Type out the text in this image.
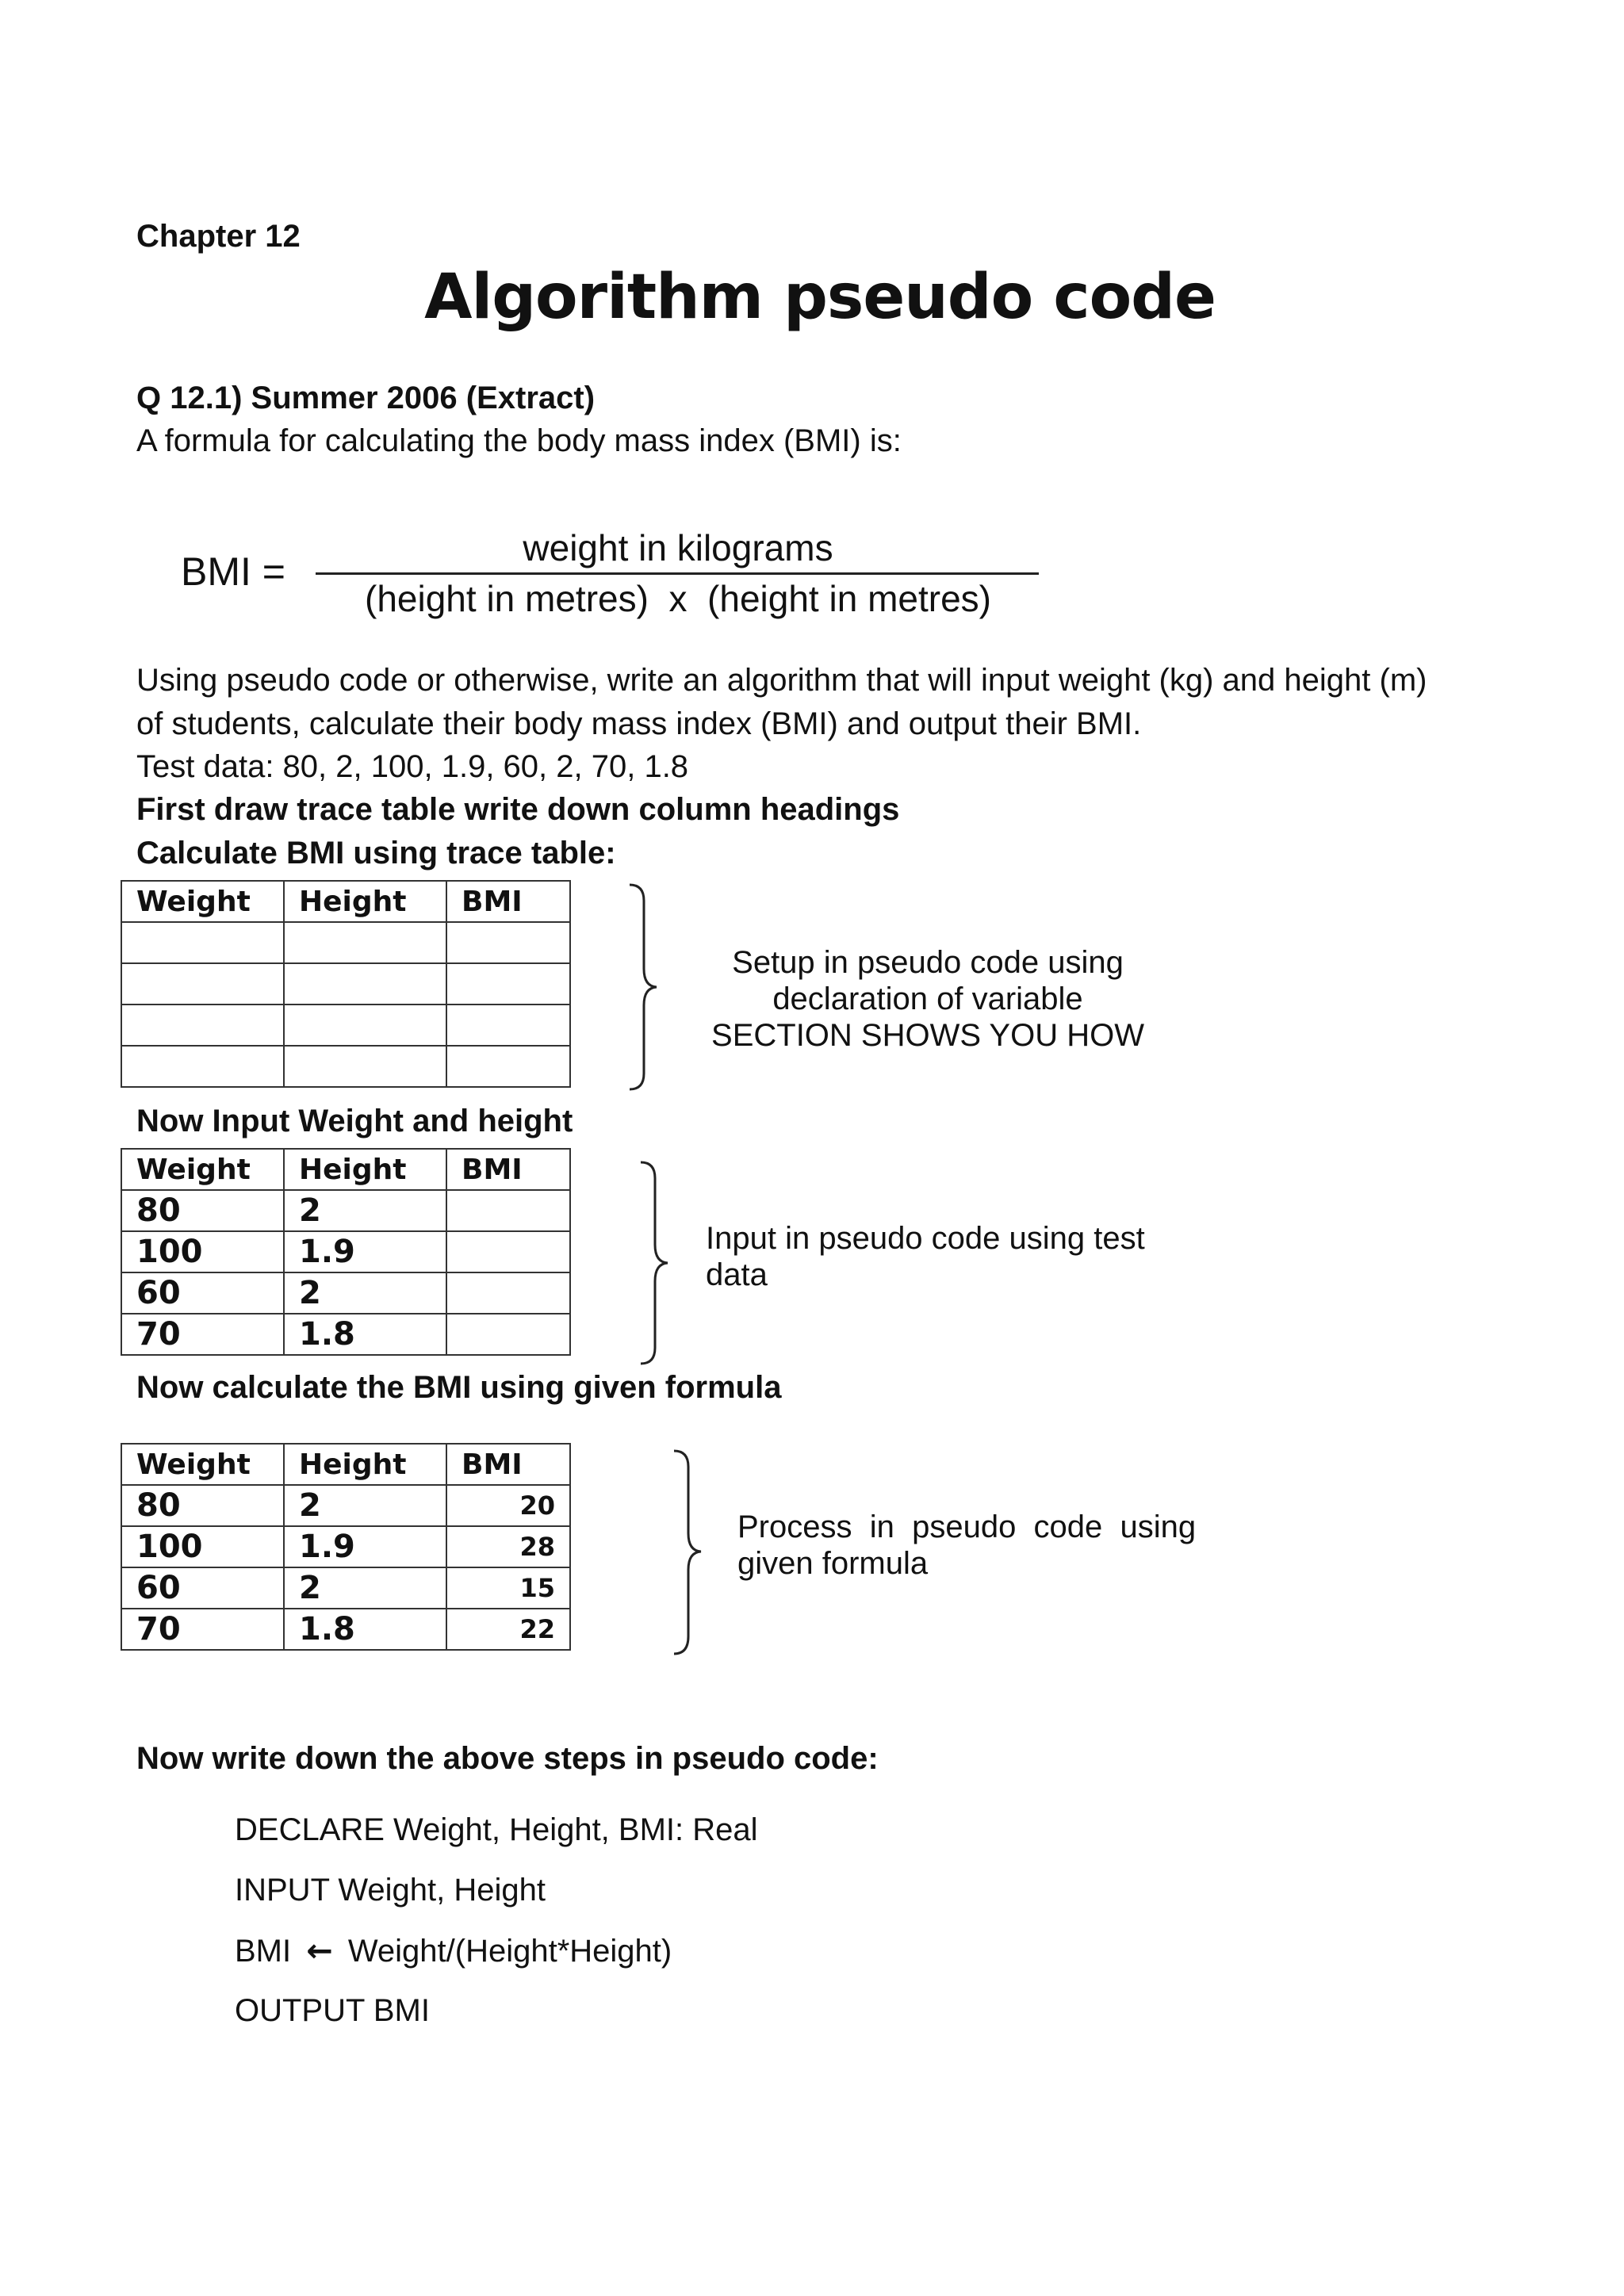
Chapter 12
Algorithm pseudo code
Q 12.1) Summer 2006 (Extract)
A formula for calculating the body mass index (BMI) is:
BMI =
weight in kilograms
(height in metres)  x  (height in metres)
Using pseudo code or otherwise, write an algorithm that will input weight (kg) and height (m)
of students, calculate their body mass index (BMI) and output their BMI.
Test data: 80, 2, 100, 1.9, 60, 2, 70, 1.8
First draw trace table write down column headings
Calculate BMI using trace table:
Weight	Height	BMI

Setup in pseudo code using
declaration of variable
SECTION SHOWS YOU HOW
Now Input Weight and height
Weight	Height	BMI
80	2	
100	1.9	
60	2	
70	1.8	
Input in pseudo code using test
data
Now calculate the BMI using given formula
Weight	Height	BMI
80	2	20
100	1.9	28
60	2	15
70	1.8	22
Process  in  pseudo  code  using
given formula
Now write down the above steps in pseudo code:
DECLARE Weight, Height, BMI: Real
INPUT Weight, Height
BMI ← Weight/(Height*Height)
OUTPUT BMI
